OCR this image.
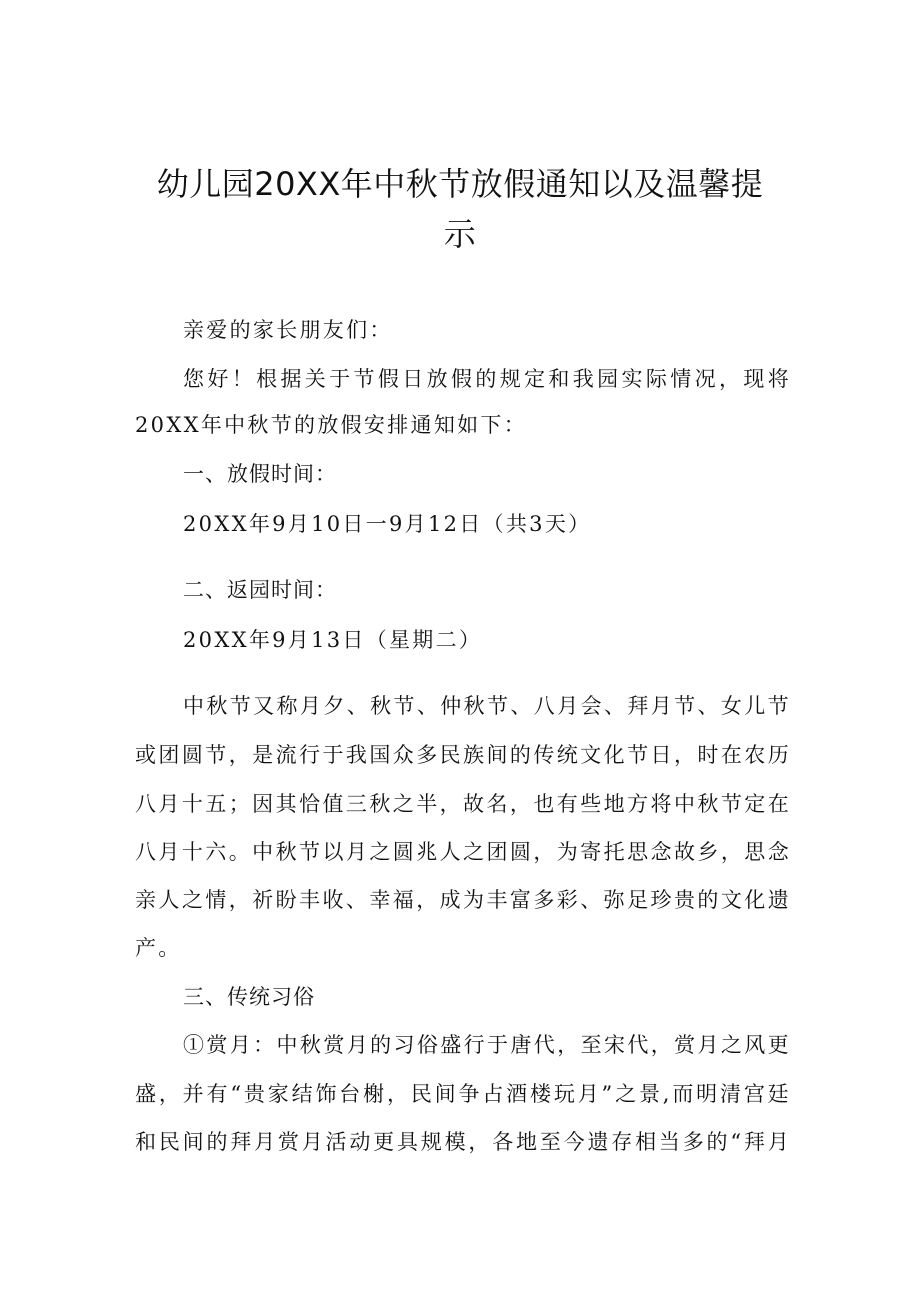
幼儿园20XX年中秋节放假通知以及温馨提
示
亲爱的家长朋友们：
您好！根据关于节假日放假的规定和我园实际情况，现将
20XX年中秋节的放假安排通知如下：
一、放假时间：
20XX年9月10日一9月12日（共3天）
二、返园时间：
20XX年9月13日（星期二）
中秋节又称月夕、秋节、仲秋节、八月会、拜月节、女儿节
或团圆节，是流行于我国众多民族间的传统文化节日，时在农历
八月十五；因其恰值三秋之半，故名，也有些地方将中秋节定在
八月十六。中秋节以月之圆兆人之团圆，为寄托思念故乡，思念
亲人之情，祈盼丰收、幸福，成为丰富多彩、弥足珍贵的文化遗
产。
三、传统习俗
①赏月：中秋赏月的习俗盛行于唐代，至宋代，赏月之风更
盛，并有“贵家结饰台榭，民间争占酒楼玩月”之景,而明清宫廷
和民间的拜月赏月活动更具规模，各地至今遗存相当多的“拜月
